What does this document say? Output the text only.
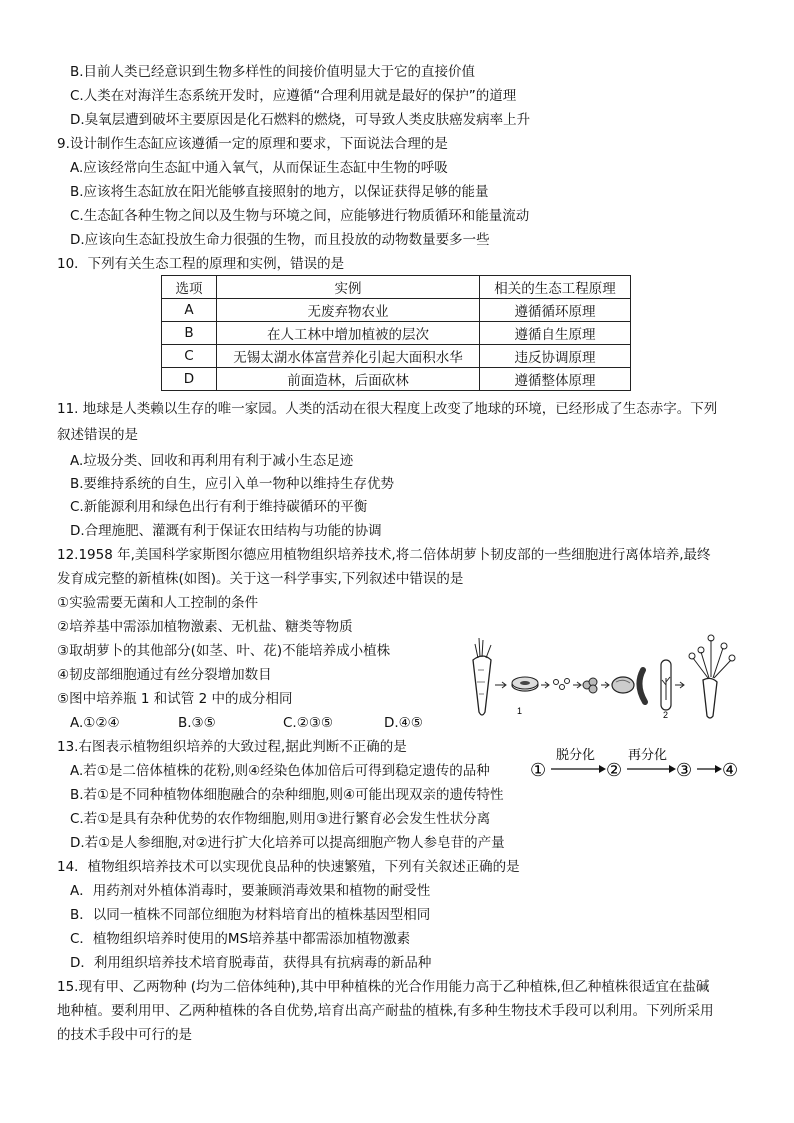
B.目前人类已经意识到生物多样性的间接价值明显大于它的直接价值
C.人类在对海洋生态系统开发时，应遵循“合理利用就是最好的保护”的道理
D.臭氧层遭到破坏主要原因是化石燃料的燃烧，可导致人类皮肤癌发病率上升
9.设计制作生态缸应该遵循一定的原理和要求，下面说法合理的是
A.应该经常向生态缸中通入氧气，从而保证生态缸中生物的呼吸
B.应该将生态缸放在阳光能够直接照射的地方，以保证获得足够的能量
C.生态缸各种生物之间以及生物与环境之间，应能够进行物质循环和能量流动
D.应该向生态缸投放生命力很强的生物，而且投放的动物数量要多一些
10．下列有关生态工程的原理和实例，错误的是
选项	实例	相关的生态工程原理
A	无废弃物农业	遵循循环原理
B	在人工林中增加植被的层次	遵循自生原理
C	无锡太湖水体富营养化引起大面积水华	违反协调原理
D	前面造林，后面砍林	遵循整体原理
11. 地球是人类赖以生存的唯一家园。人类的活动在很大程度上改变了地球的环境，已经形成了生态赤字。下列
叙述错误的是
A.垃圾分类、回收和再利用有利于减小生态足迹
B.要维持系统的自生，应引入单一物种以维持生存优势
C.新能源利用和绿色出行有利于维持碳循环的平衡
D.合理施肥、灌溉有利于保证农田结构与功能的协调
12.1958 年,美国科学家斯图尔德应用植物组织培养技术,将二倍体胡萝卜韧皮部的一些细胞进行离体培养,最终
发育成完整的新植株(如图)。关于这一科学事实,下列叙述中错误的是
①实验需要无菌和人工控制的条件
②培养基中需添加植物激素、无机盐、糖类等物质
③取胡萝卜的其他部分(如茎、叶、花)不能培养成小植株
④韧皮部细胞通过有丝分裂增加数目
⑤图中培养瓶 1 和试管 2 中的成分相同
A.①②④	B.③⑤	C.②③⑤	D.④⑤
1	2
13.右图表示植物组织培养的大致过程,据此判断不正确的是
①
脱分化
②
再分化
③ ④
A.若①是二倍体植株的花粉,则④经染色体加倍后可得到稳定遗传的品种
B.若①是不同种植物体细胞融合的杂种细胞,则④可能出现双亲的遗传特性
C.若①是具有杂种优势的农作物细胞,则用③进行繁育必会发生性状分离
D.若①是人参细胞,对②进行扩大化培养可以提高细胞产物人参皂苷的产量
14．植物组织培养技术可以实现优良品种的快速繁殖，下列有关叙述正确的是
A．用药剂对外植体消毒时，要兼顾消毒效果和植物的耐受性
B．以同一植株不同部位细胞为材料培育出的植株基因型相同
C．植物组织培养时使用的MS培养基中都需添加植物激素
D．利用组织培养技术培育脱毒苗，获得具有抗病毒的新品种
15.现有甲、乙两物种 (均为二倍体纯种),其中甲种植株的光合作用能力高于乙种植株,但乙种植株很适宜在盐碱
地种植。要利用甲、乙两种植株的各自优势,培育出高产耐盐的植株,有多种生物技术手段可以利用。下列所采用
的技术手段中可行的是
